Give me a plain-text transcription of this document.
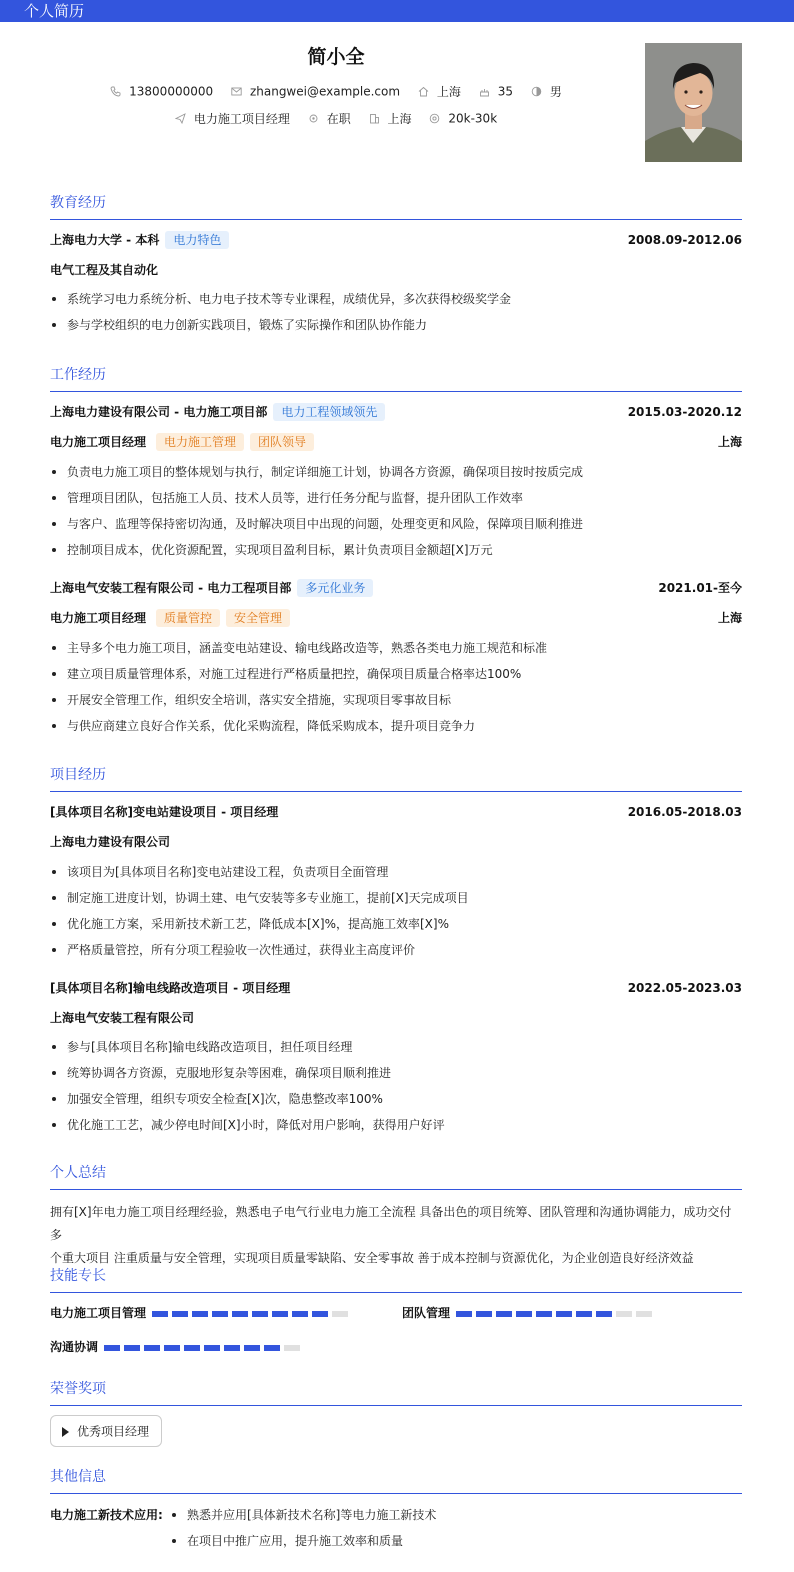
个人简历
简小全
13800000000	zhangwei@example.com	上海	35	男
电力施工项目经理	在职	上海	20k-30k
教育经历
上海电力大学 - 本科 电力特色	2008.09-2012.06
电气工程及其自动化
系统学习电力系统分析、电力电子技术等专业课程，成绩优异，多次获得校级奖学金
参与学校组织的电力创新实践项目，锻炼了实际操作和团队协作能力
工作经历
上海电力建设有限公司 - 电力施工项目部 电力工程领域领先	2015.03-2020.12
电力施工项目经理 电力施工管理 团队领导	上海
负责电力施工项目的整体规划与执行，制定详细施工计划，协调各方资源，确保项目按时按质完成
管理项目团队，包括施工人员、技术人员等，进行任务分配与监督，提升团队工作效率
与客户、监理等保持密切沟通，及时解决项目中出现的问题，处理变更和风险，保障项目顺利推进
控制项目成本，优化资源配置，实现项目盈利目标，累计负责项目金额超[X]万元
上海电气安装工程有限公司 - 电力工程项目部 多元化业务	2021.01-至今
电力施工项目经理 质量管控 安全管理	上海
主导多个电力施工项目，涵盖变电站建设、输电线路改造等，熟悉各类电力施工规范和标准
建立项目质量管理体系，对施工过程进行严格质量把控，确保项目质量合格率达100%
开展安全管理工作，组织安全培训，落实安全措施，实现项目零事故目标
与供应商建立良好合作关系，优化采购流程，降低采购成本，提升项目竞争力
项目经历
[具体项目名称]变电站建设项目 - 项目经理	2016.05-2018.03
上海电力建设有限公司
该项目为[具体项目名称]变电站建设工程，负责项目全面管理
制定施工进度计划，协调土建、电气安装等多专业施工，提前[X]天完成项目
优化施工方案，采用新技术新工艺，降低成本[X]%，提高施工效率[X]%
严格质量管控，所有分项工程验收一次性通过，获得业主高度评价
[具体项目名称]输电线路改造项目 - 项目经理	2022.05-2023.03
上海电气安装工程有限公司
参与[具体项目名称]输电线路改造项目，担任项目经理
统筹协调各方资源，克服地形复杂等困难，确保项目顺利推进
加强安全管理，组织专项安全检查[X]次，隐患整改率100%
优化施工工艺，减少停电时间[X]小时，降低对用户影响，获得用户好评
个人总结
拥有[X]年电力施工项目经理经验，熟悉电子电气行业电力施工全流程 具备出色的项目统筹、团队管理和沟通协调能力，成功交付多
个重大项目 注重质量与安全管理，实现项目质量零缺陷、安全零事故 善于成本控制与资源优化，为企业创造良好经济效益
技能专长
电力施工项目管理	团队管理
沟通协调
荣誉奖项
优秀项目经理
其他信息
电力施工新技术应用:	熟悉并应用[具体新技术名称]等电力施工新技术
在项目中推广应用，提升施工效率和质量
